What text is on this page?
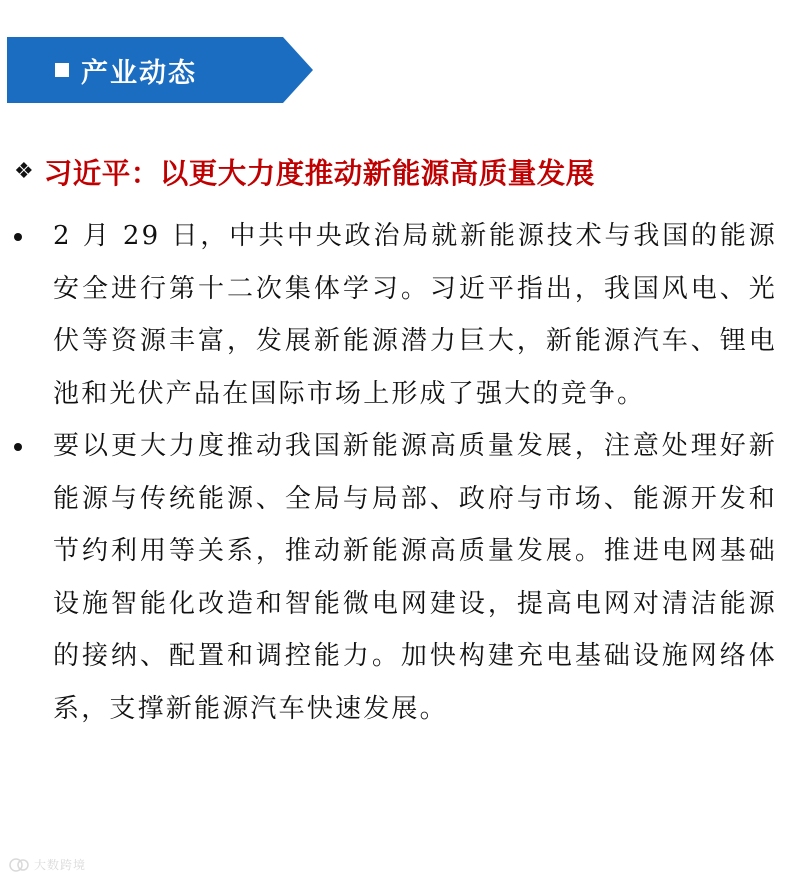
产业动态
❖ 习近平：以更大力度推动新能源高质量发展
2 月 29 日，中共中央政治局就新能源技术与我国的能源安全进行第十二次集体学习。习近平指出，我国风电、光伏等资源丰富，发展新能源潜力巨大，新能源汽车、锂电池和光伏产品在国际市场上形成了强大的竞争。
要以更大力度推动我国新能源高质量发展，注意处理好新能源与传统能源、全局与局部、政府与市场、能源开发和节约利用等关系，推动新能源高质量发展。推进电网基础设施智能化改造和智能微电网建设，提高电网对清洁能源的接纳、配置和调控能力。加快构建充电基础设施网络体系，支撑新能源汽车快速发展。
大数跨境
